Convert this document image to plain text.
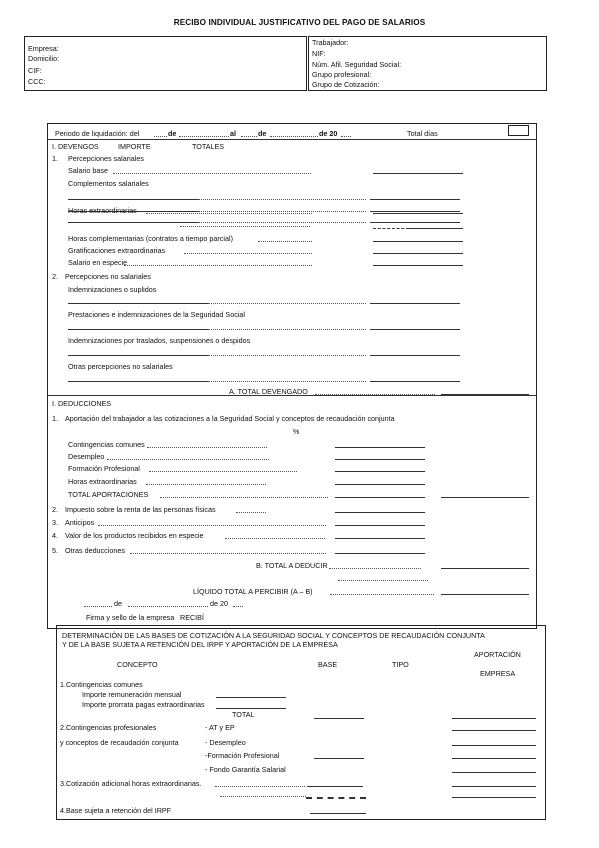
RECIBO INDIVIDUAL JUSTIFICATIVO DEL PAGO DE SALARIOS
Empresa:
Domicilio:
CIF:
CCC:
Trabajador:
NIF:
Núm. Afil. Seguridad Social:
Grupo profesional:
Grupo de Cotización:
Periodo de liquidación: del	de	al	de	de 20	Total días
I. DEVENGOS	IMPORTE	TOTALES
1. Percepciones salariales
Salario base
Complementos salariales
Horas extraordinarias
Horas complementarias (contratos a tiempo parcial)
Gratificaciones extraordinarias
Salario en especie
2. Percepciones no salariales
Indemnizaciones o suplidos
Prestaciones e indemnizaciones de la Seguridad Social
Indemnizaciones por traslados, suspensiones o despidos
Otras percepciones no salariales
A. TOTAL DEVENGADO
I. DEDUCCIONES
1. Aportación del trabajador a las cotizaciones a la Seguridad Social y conceptos de recaudación conjunta
%
Contingencias comunes
Desempleo
Formación Profesional
Horas extraordinarias
TOTAL APORTACIONES
2. Impuesto sobre la renta de las personas físicas
3. Anticipos
4. Valor de los productos recibidos en especie
5. Otras deducciones
B. TOTAL A DEDUCIR
LÍQUIDO TOTAL A PERCIBIR (A – B)
de	de 20
Firma y sello de la empresa RECIBÍ
DETERMINACIÓN DE LAS BASES DE COTIZACIÓN A LA SEGURIDAD SOCIAL Y CONCEPTOS DE RECAUDACIÓN CONJUNTA
Y DE LA BASE SUJETA A RETENCIÓN DEL IRPF Y APORTACIÓN DE LA EMPRESA
CONCEPTO	BASE	TIPO
APORTACIÓN
EMPRESA
1.Contingencias comunes
Importe remuneración mensual
Importe prorrata pagas extraordinarias
TOTAL
2.Contingencias profesionales	- AT y EP
y conceptos de recaudación conjunta	- Desempleo
-Formación Profesional
- Fondo Garantía Salarial
3.Cotización adicional horas extraordinarias.
4.Base sujeta a retención del IRPF
